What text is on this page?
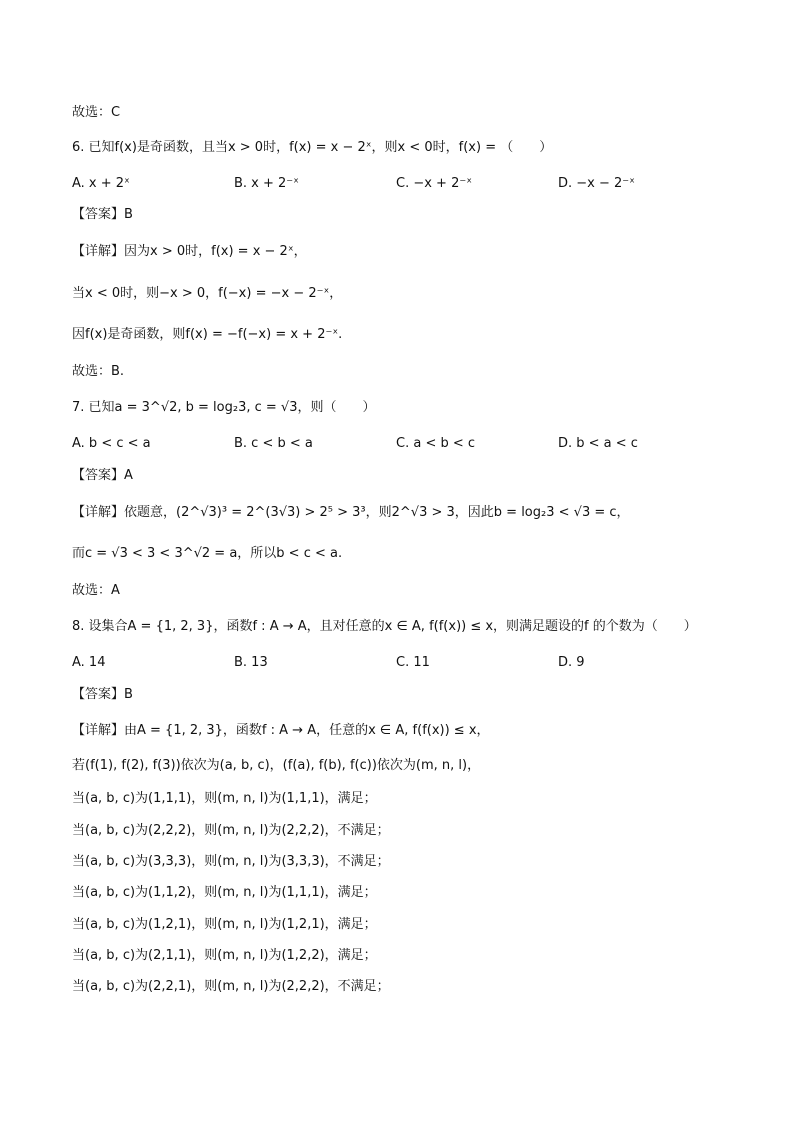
故选：C
6. 已知f(x)是奇函数，且当x > 0时，f(x) = x − 2ˣ，则x < 0时，f(x) = （　　）
A. x + 2ˣ	B. x + 2⁻ˣ	C. −x + 2⁻ˣ	D. −x − 2⁻ˣ
【答案】B
【详解】因为x > 0时，f(x) = x − 2ˣ，
当x < 0时，则−x > 0，f(−x) = −x − 2⁻ˣ，
因f(x)是奇函数，则f(x) = −f(−x) = x + 2⁻ˣ.
故选：B.
7. 已知a = 3^√2, b = log₂3, c = √3，则（　　）
A. b < c < a	B. c < b < a	C. a < b < c	D. b < a < c
【答案】A
【详解】依题意，(2^√3)³ = 2^(3√3) > 2⁵ > 3³，则2^√3 > 3，因此b = log₂3 < √3 = c，
而c = √3 < 3 < 3^√2 = a，所以b < c < a.
故选：A
8. 设集合A = {1, 2, 3}，函数f : A → A，且对任意的x ∈ A, f(f(x)) ≤ x，则满足题设的f 的个数为（　　）
A. 14	B. 13	C. 11	D. 9
【答案】B
【详解】由A = {1, 2, 3}，函数f : A → A，任意的x ∈ A, f(f(x)) ≤ x，
若(f(1), f(2), f(3))依次为(a, b, c)，(f(a), f(b), f(c))依次为(m, n, l)，
当(a, b, c)为(1,1,1)，则(m, n, l)为(1,1,1)，满足；
当(a, b, c)为(2,2,2)，则(m, n, l)为(2,2,2)，不满足；
当(a, b, c)为(3,3,3)，则(m, n, l)为(3,3,3)，不满足；
当(a, b, c)为(1,1,2)，则(m, n, l)为(1,1,1)，满足；
当(a, b, c)为(1,2,1)，则(m, n, l)为(1,2,1)，满足；
当(a, b, c)为(2,1,1)，则(m, n, l)为(1,2,2)，满足；
当(a, b, c)为(2,2,1)，则(m, n, l)为(2,2,2)，不满足；
